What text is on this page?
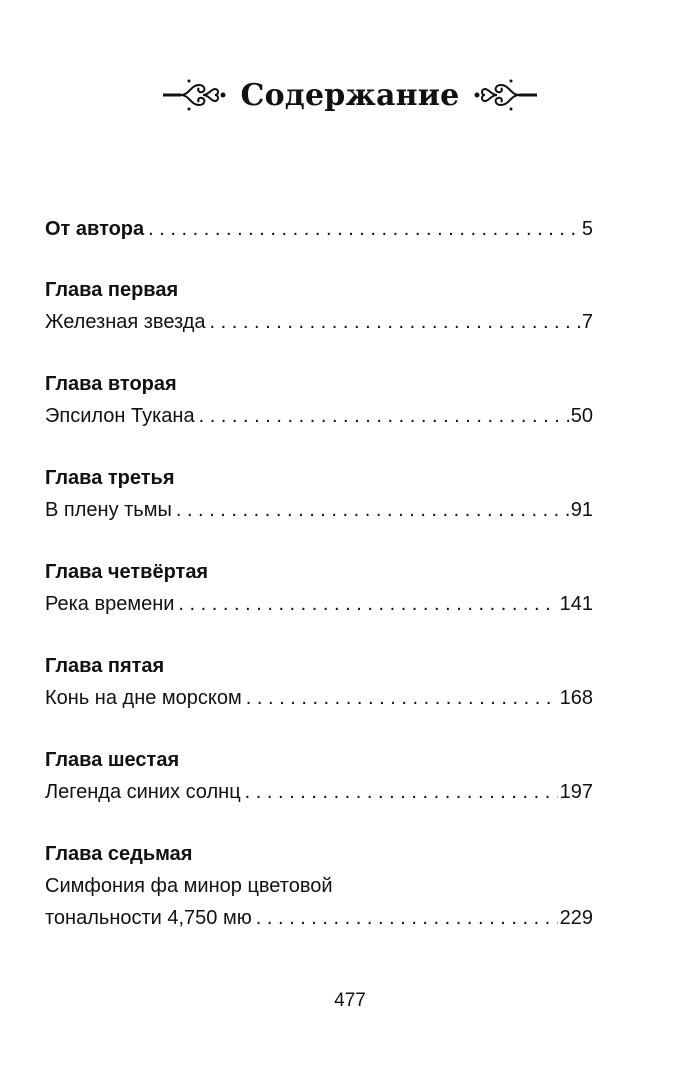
Содержание
От автора . . .	5
Глава первая
Железная звезда . . .	7
Глава вторая
Эпсилон Тукана . . .	50
Глава третья
В плену тьмы . . .	91
Глава четвёртая
Река времени . . .	141
Глава пятая
Конь на дне морском . . .	168
Глава шестая
Легенда синих солнц . . .	197
Глава седьмая
Симфония фа минор цветовой
тональности 4,750 мю . . .	229
477
